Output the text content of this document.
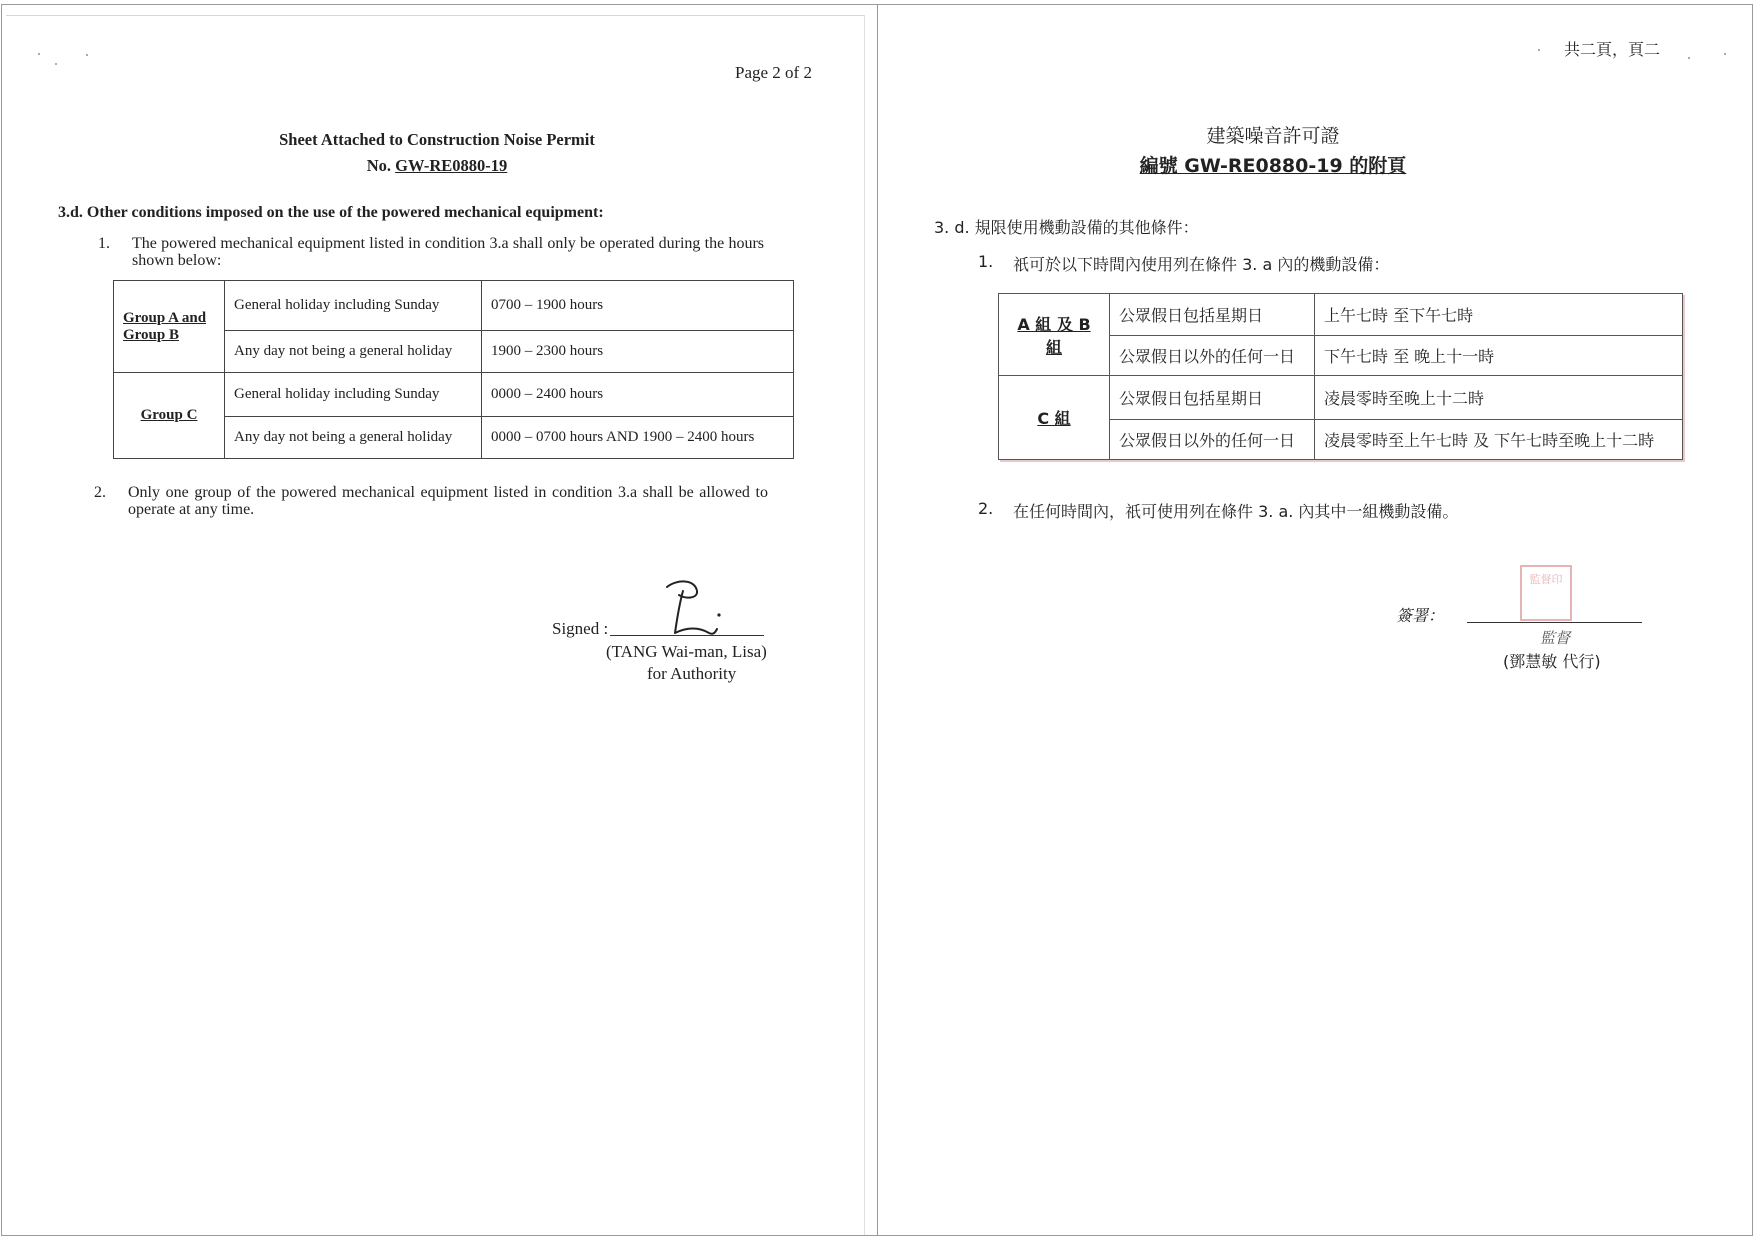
Page 2 of 2
Sheet Attached to Construction Noise Permit
No. GW-RE0880-19
3.d. Other conditions imposed on the use of the powered mechanical equipment:
1. The powered mechanical equipment listed in condition 3.a shall only be operated during the hours shown below:
Group A and Group B	General holiday including Sunday	0700 – 1900 hours
	Any day not being a general holiday	1900 – 2300 hours
Group C	General holiday including Sunday	0000 – 2400 hours
	Any day not being a general holiday	0000 – 0700 hours AND 1900 – 2400 hours
2. Only one group of the powered mechanical equipment listed in condition 3.a shall be allowed to operate at any time.
Signed :
(TANG Wai-man, Lisa)
for Authority
共二頁，頁二
建築噪音許可證
編號 GW-RE0880-19 的附頁
3. d. 規限使用機動設備的其他條件：
1. 祇可於以下時間內使用列在條件 3. a 內的機動設備：
A 組 及 B 組	公眾假日包括星期日	上午七時 至下午七時
	公眾假日以外的任何一日	下午七時 至 晚上十一時
C 組	公眾假日包括星期日	凌晨零時至晚上十二時
	公眾假日以外的任何一日	凌晨零時至上午七時 及 下午七時至晚上十二時
2. 在任何時間內，祇可使用列在條件 3. a. 內其中一組機動設備。
監督印
簽署：
監督
(鄧慧敏 代行)
